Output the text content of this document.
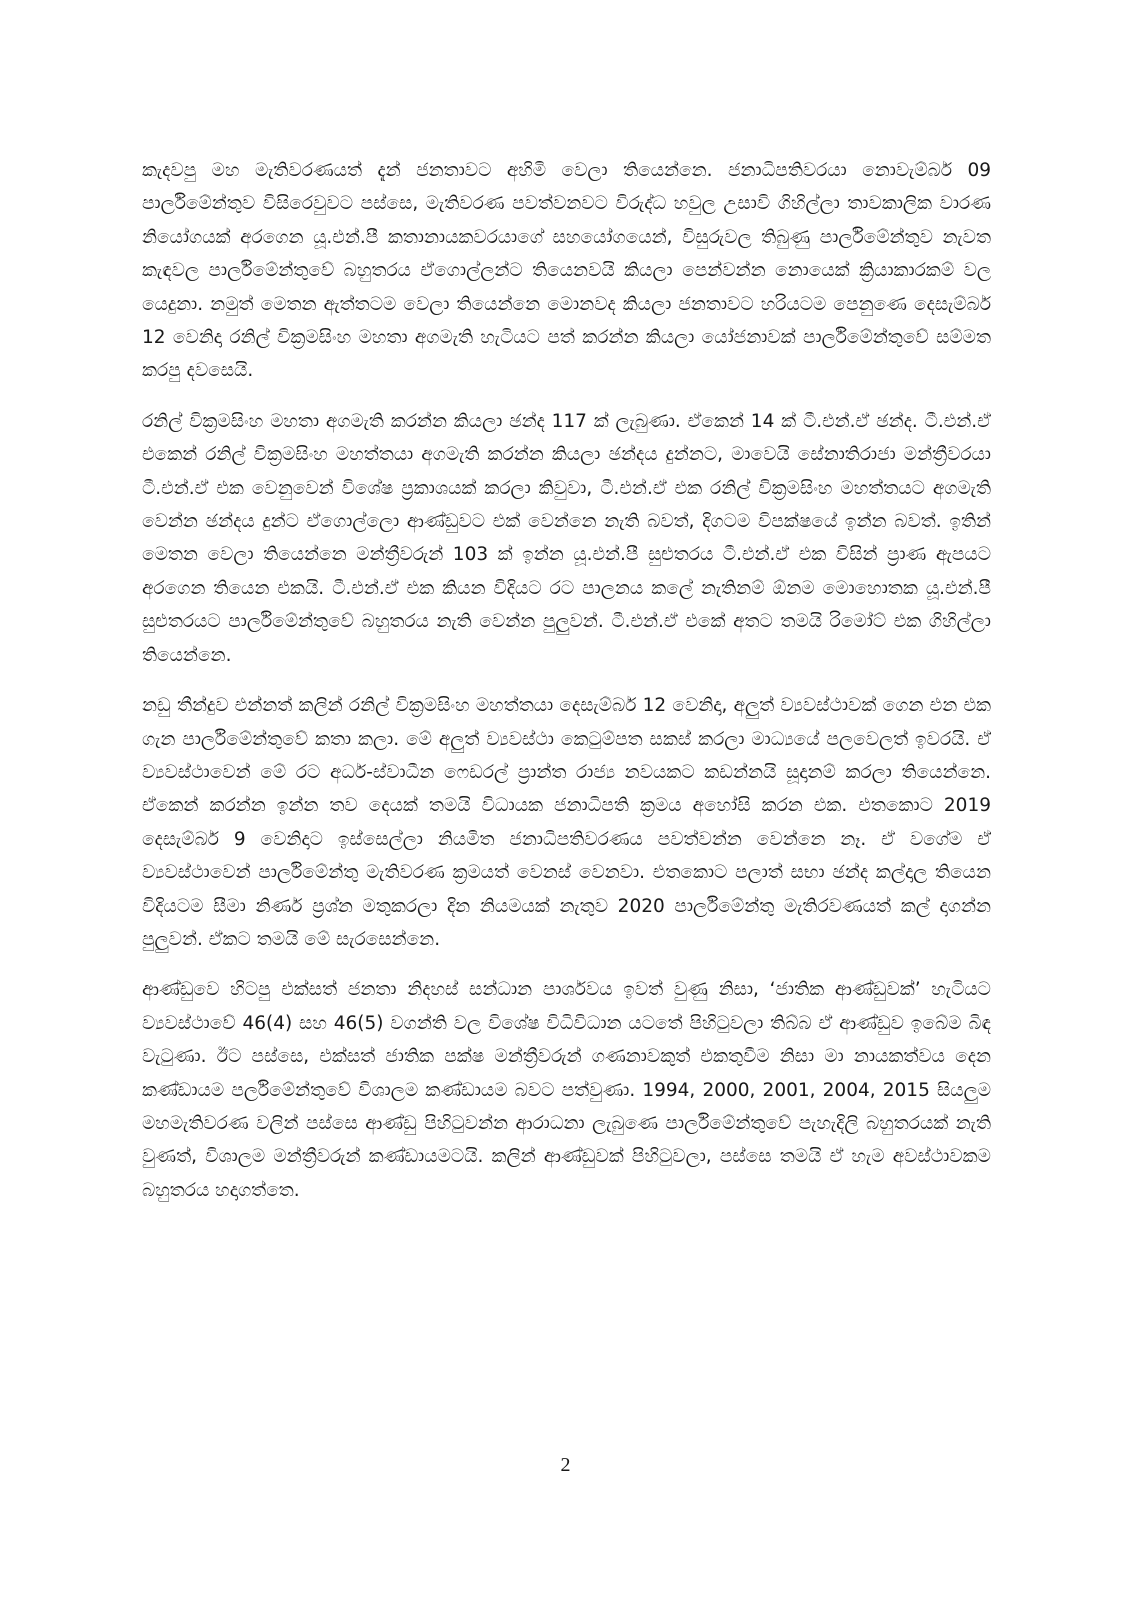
කැදවපු මහ මැතිවරණයත් දැන් ජනතාවට අහිමි වෙලා තියෙන්නෙ. ජනාධිපතිවරයා නොවැම්බර් 09 පාර්ලිමේන්තුව විසිරෙවුවට පස්සෙ, මැතිවරණ පවත්වනවට විරුද්ධ හවුල උසාවි ගිහිල්ලා තාවකාලික වාරණ නියෝගයක් අරගෙන යූ.එන්.පී කතානායකවරයාගේ සහයෝගයෙන්, විසුරුවල තිබුණු පාර්ලිමේන්තුව නැවත කැඳවල පාර්ලිමේන්තුවේ බහුතරය ඒගොල්ලන්ට තියෙනවයි කියලා පෙන්වන්න නොයෙක් ක්‍රියාකාරකම් වල යෙදුනා. නමුත් මෙතන ඇත්තටම වෙලා තියෙන්නෙ මොනවද කියලා ජනතාවට හරියටම පෙනුණෙ දෙසැම්බර් 12 වෙනිදා රනිල් වික්‍රමසිංහ මහතා අගමැති හැටියට පත් කරන්න කියලා යෝජනාවක් පාර්ලිමේන්තුවේ සම්මත කරපු දවසෙයි.

රනිල් වික්‍රමසිංහ මහතා අගමැති කරන්න කියලා ඡන්ද 117 ක් ලැබුණා. ඒකෙන් 14 ක් ටී.එන්.ඒ ඡන්ද. ටී.එන්.ඒ එකෙන් රනිල් වික්‍රමසිංහ මහත්තයා අගමැති කරන්න කියලා ඡන්දය දුන්නට, මාවෙයි සේනාතිරාජා මන්ත්‍රීවරයා ටී.එන්.ඒ එක වෙනුවෙන් විශේෂ ප්‍රකාශයක් කරලා කිවුවා, ටී.එන්.ඒ එක රනිල් වික්‍රමසිංහ මහත්තයට අගමැති වෙන්න ඡන්දය දුන්ට ඒගොල්ලො ආණ්ඩුවට එක් වෙන්නෙ නැති බවත්, දිගටම විපක්ෂයේ ඉන්න බවත්. ඉතින් මෙතන වෙලා තියෙන්නෙ මන්ත්‍රීවරුන් 103 ක් ඉන්න යූ.එන්.පී සුළුතරය ටී.එන්.ඒ එක විසින් ප්‍රාණ ඇපයට අරගෙන තියෙන එකයි. ටී.එන්.ඒ එක කියන විදියට රට පාලනය කලේ නැතිනම් ඕනම මොහොතක යූ.එන්.පී සුළුතරයට පාර්ලිමේන්තුවේ බහුතරය නැති වෙන්න පුලුවන්. ටී.එන්.ඒ එකේ අතට තමයි රිමෝට් එක ගිහිල්ලා තියෙන්නෙ.

නඩු තීන්දුව එන්නත් කලින් රනිල් වික්‍රමසිංහ මහත්තයා දෙසැම්බර් 12 වෙනිදා, අලුත් ව්‍යවස්ථාවක් ගෙන එන එක ගැන පාර්ලිමේන්තුවේ කතා කලා. මේ අලුත් ව්‍යවස්ථා කෙටුම්පත සකස් කරලා මාධ්‍යයේ පලවෙලත් ඉවරයි. ඒ ව්‍යවස්ථාවෙන් මේ රට අර්ධ-ස්වාධීන ෆෙඩරල් ප්‍රාන්ත රාජ්‍ය නවයකට කඩන්නයි සූදානම් කරලා තියෙන්නෙ. ඒකෙන් කරන්න ඉන්න තව දෙයක් තමයි විධායක ජනාධිපති ක්‍රමය අහෝසි කරන එක. එතකොට 2019 දෙසැම්බර් 9 වෙනිදාට ඉස්සෙල්ලා නියමිත ජනාධිපතිවරණය පවත්වන්න වෙන්නෙ නෑ. ඒ වගේම ඒ ව්‍යවස්ථාවෙන් පාර්ලිමේන්තු මැතිවරණ ක්‍රමයත් වෙනස් වෙනවා. එතකොට පලාත් සභා ඡන්ද කල්දාල තියෙන විදියටම සීමා නිර්ණ ප්‍රශ්න මතුකරලා දින නියමයක් නැතුව 2020 පාර්ලිමේන්තු මැතිරවණයත් කල් දාගන්න පුලුවන්. ඒකට තමයි මේ සැරසෙන්නෙ.

ආණ්ඩුවෙ හිටපු එක්සත් ජනතා නිදහස් සන්ධාන පාර්ශවය ඉවත් වුණු නිසා, ‘ජාතික ආණ්ඩුවක්’ හැටියට ව්‍යවස්ථාවේ 46(4) සහ 46(5) වගන්ති වල විශේෂ විධිවිධාන යටතේ පිහිටුවලා තිබ්බ ඒ ආණ්ඩුව ඉබේම බිඳ වැටුණා. ඊට පස්සෙ, එක්සත් ජාතික පක්ෂ මන්ත්‍රීවරුන් ගණනාවකුත් එකතුවීම නිසා මා නායකත්වය දෙන කණ්ඩායම පර්ලිමේන්තුවේ විශාලම කණ්ඩායම බවට පත්වුණා. 1994, 2000, 2001, 2004, 2015 සියලුම මහමැතිවරණ වලින් පස්සෙ ආණ්ඩු පිහිටුවන්න ආරාධනා ලැබුණෙ පාර්ලිමේන්තුවේ පැහැදිලි බහුතරයක් නැති වුණත්, විශාලම මන්ත්‍රීවරුන් කණ්ඩායමටයි. කලින් ආණ්ඩුවක් පිහිටුවලා, පස්සෙ තමයි ඒ හැම අවස්ථාවකම බහුතරය හදාගත්තෙ.

2
